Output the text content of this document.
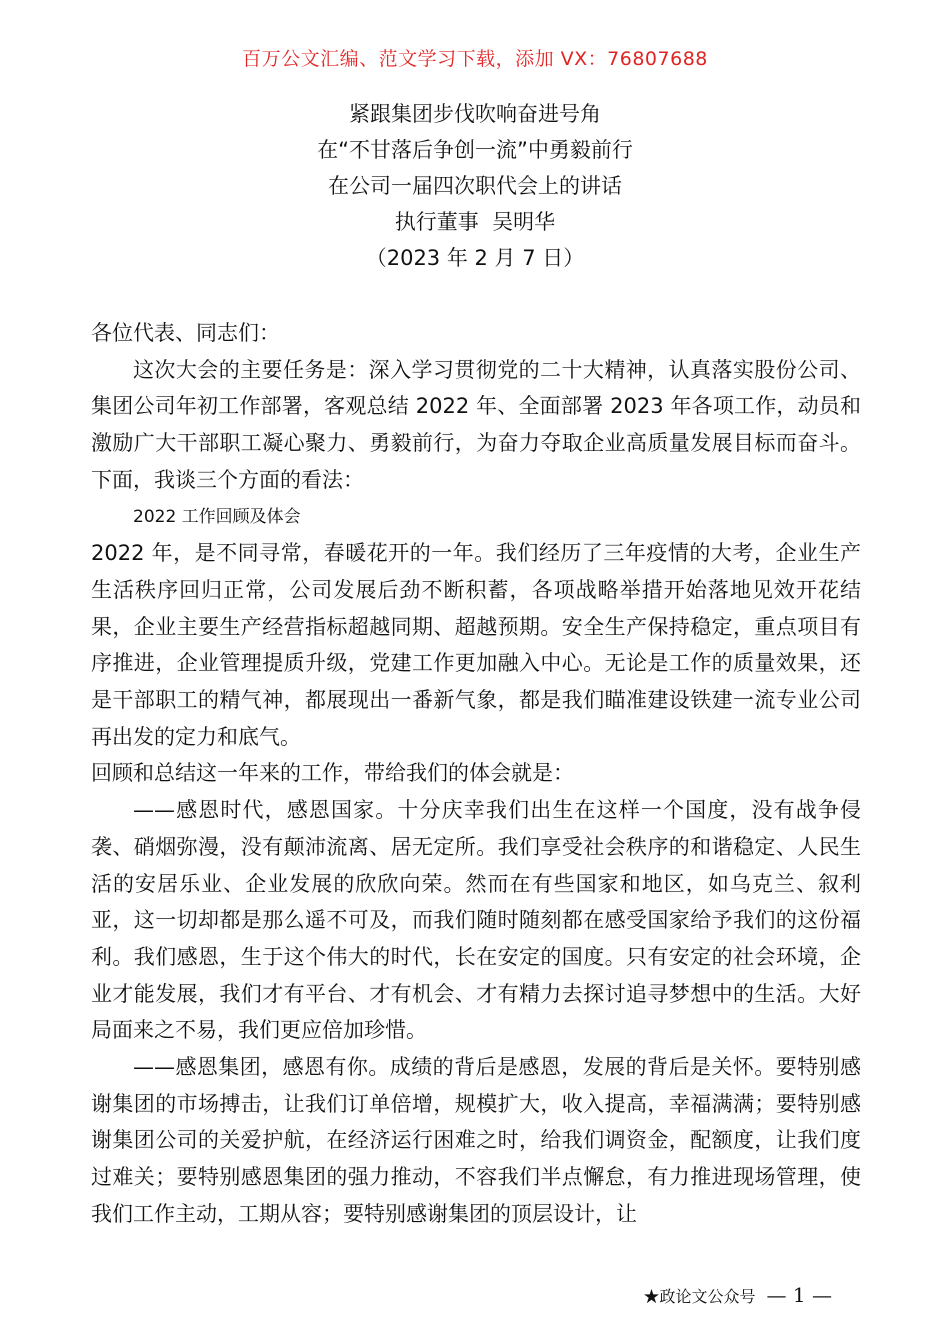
百万公文汇编、范文学习下载，添加 VX：76807688
紧跟集团步伐吹响奋进号角
在“不甘落后争创一流”中勇毅前行
在公司一届四次职代会上的讲话
执行董事  吴明华
（2023 年 2 月 7 日）

各位代表、同志们：

这次大会的主要任务是：深入学习贯彻党的二十大精神，认真落实股份公司、集团公司年初工作部署，客观总结 2022 年、全面部署 2023 年各项工作，动员和激励广大干部职工凝心聚力、勇毅前行，为奋力夺取企业高质量发展目标而奋斗。下面，我谈三个方面的看法：

2022 工作回顾及体会

2022 年，是不同寻常，春暖花开的一年。我们经历了三年疫情的大考，企业生产生活秩序回归正常，公司发展后劲不断积蓄，各项战略举措开始落地见效开花结果，企业主要生产经营指标超越同期、超越预期。安全生产保持稳定，重点项目有序推进，企业管理提质升级，党建工作更加融入中心。无论是工作的质量效果，还是干部职工的精气神，都展现出一番新气象，都是我们瞄准建设铁建一流专业公司再出发的定力和底气。

回顾和总结这一年来的工作，带给我们的体会就是：

——感恩时代，感恩国家。十分庆幸我们出生在这样一个国度，没有战争侵袭、硝烟弥漫，没有颠沛流离、居无定所。我们享受社会秩序的和谐稳定、人民生活的安居乐业、企业发展的欣欣向荣。然而在有些国家和地区，如乌克兰、叙利亚，这一切却都是那么遥不可及，而我们随时随刻都在感受国家给予我们的这份福利。我们感恩，生于这个伟大的时代，长在安定的国度。只有安定的社会环境，企业才能发展，我们才有平台、才有机会、才有精力去探讨追寻梦想中的生活。大好局面来之不易，我们更应倍加珍惜。

——感恩集团，感恩有你。成绩的背后是感恩，发展的背后是关怀。要特别感谢集团的市场搏击，让我们订单倍增，规模扩大，收入提高，幸福满满；要特别感谢集团公司的关爱护航，在经济运行困难之时，给我们调资金，配额度，让我们度过难关；要特别感恩集团的强力推动，不容我们半点懈怠，有力推进现场管理，使我们工作主动，工期从容；要特别感谢集团的顶层设计，让

★政论文公众号 — 1 —
